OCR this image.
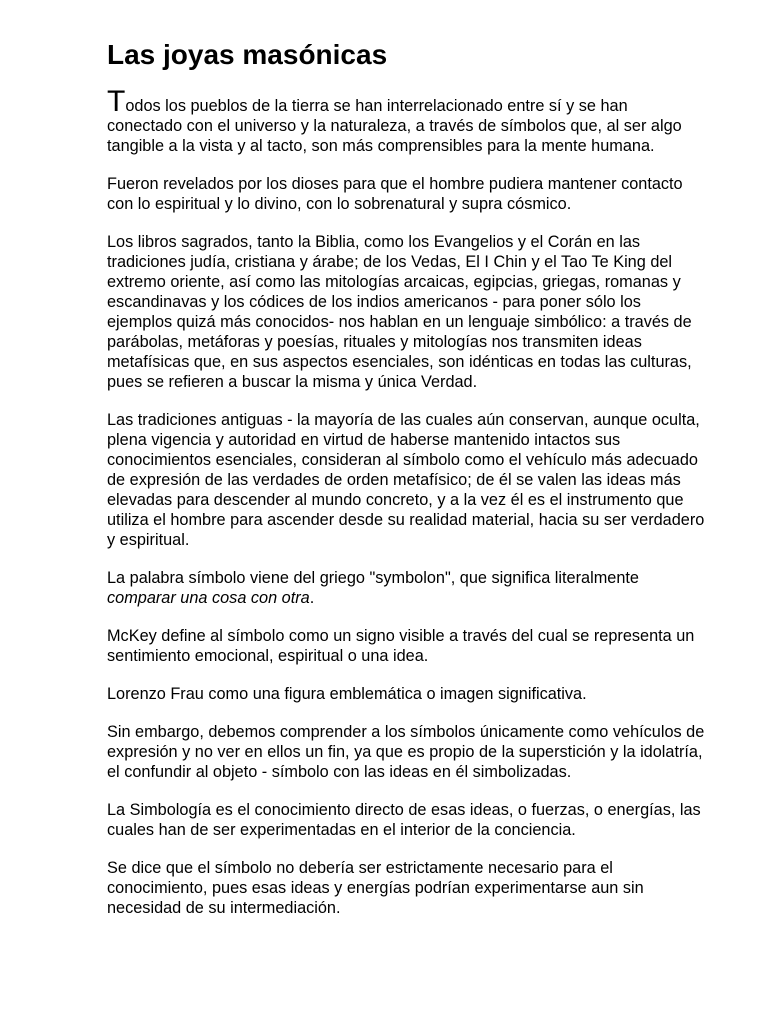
Las joyas masónicas

Todos los pueblos de la tierra se han interrelacionado entre sí y se han conectado con el universo y la naturaleza, a través de símbolos que, al ser algo tangible a la vista y al tacto, son más comprensibles para la mente humana.

Fueron revelados por los dioses para que el hombre pudiera mantener contacto con lo espiritual y lo divino, con lo sobrenatural y supra cósmico.

Los libros sagrados, tanto la Biblia, como los Evangelios y el Corán en las tradiciones judía, cristiana y árabe; de los Vedas, El I Chin y el Tao Te King del extremo oriente, así como las mitologías arcaicas, egipcias, griegas, romanas y escandinavas y los códices de los indios americanos - para poner sólo los ejemplos quizá más conocidos- nos hablan en un lenguaje simbólico: a través de parábolas, metáforas y poesías, rituales y mitologías nos transmiten ideas metafísicas que, en sus aspectos esenciales, son idénticas en todas las culturas, pues se refieren a buscar la misma y única Verdad.

Las tradiciones antiguas - la mayoría de las cuales aún conservan, aunque oculta, plena vigencia y autoridad en virtud de haberse mantenido intactos sus conocimientos esenciales, consideran al símbolo como el vehículo más adecuado de expresión de las verdades de orden metafísico; de él se valen las ideas más elevadas para descender al mundo concreto, y a la vez él es el instrumento que utiliza el hombre para ascender desde su realidad material, hacia su ser verdadero y espiritual.

La palabra símbolo viene del griego "symbolon", que significa literalmente comparar una cosa con otra.

McKey define al símbolo como un signo visible a través del cual se representa un sentimiento emocional, espiritual o una idea.

Lorenzo Frau como una figura emblemática o imagen significativa.

Sin embargo, debemos comprender a los símbolos únicamente como vehículos de expresión y no ver en ellos un fin, ya que es propio de la superstición y la idolatría, el confundir al objeto - símbolo con las ideas en él simbolizadas.

La Simbología es el conocimiento directo de esas ideas, o fuerzas, o energías, las cuales han de ser experimentadas en el interior de la conciencia.

Se dice que el símbolo no debería ser estrictamente necesario para el conocimiento, pues esas ideas y energías podrían experimentarse aun sin necesidad de su intermediación.
